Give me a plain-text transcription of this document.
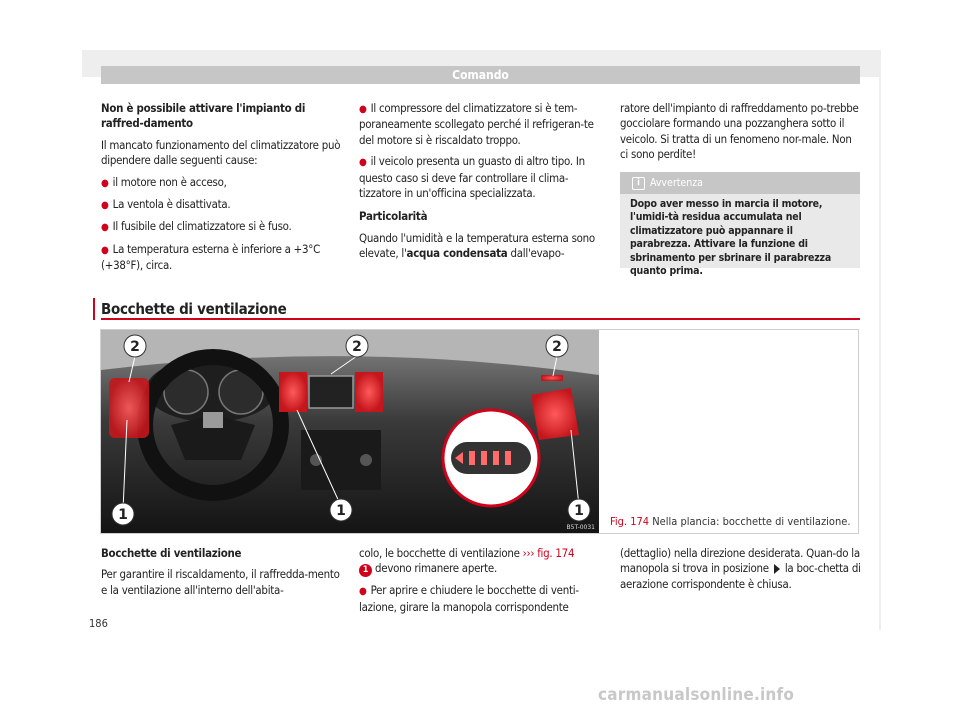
Comando

Non è possibile attivare l'impianto di raffred-damento

Il mancato funzionamento del climatizzatore può dipendere dalle seguenti cause:

● il motore non è acceso,
● La ventola è disattivata.
● Il fusibile del climatizzatore si è fuso.
● La temperatura esterna è inferiore a +3°C (+38°F), circa.
● Il compressore del climatizzatore si è tem-poraneamente scollegato perché il refrigeran-te del motore si è riscaldato troppo.
● il veicolo presenta un guasto di altro tipo. In questo caso si deve far controllare il clima-tizzatore in un'officina specializzata.

Particolarità

Quando l'umidità e la temperatura esterna sono elevate, l'acqua condensata dall'evapo-

ratore dell'impianto di raffreddamento po-trebbe gocciolare formando una pozzanghera sotto il veicolo. Si tratta di un fenomeno nor-male. Non ci sono perdite!

i Avvertenza
Dopo aver messo in marcia il motore, l'umidi-tà residua accumulata nel climatizzatore può appannare il parabrezza. Attivare la funzione di sbrinamento per sbrinare il parabrezza quanto prima.
Bocchette di ventilazione
2	2	2
1	1	1
B5T-0031 Fig. 174 Nella plancia: bocchette di ventilazione.

Bocchette di ventilazione

Per garantire il riscaldamento, il raffredda-mento e la ventilazione all'interno dell'abita-

colo, le bocchette di ventilazione ››› fig. 174
1 devono rimanere aperte.

● Per aprire e chiudere le bocchette di venti-lazione, girare la manopola corrispondente

(dettaglio) nella direzione desiderata. Quan-do la manopola si trova in posizione  la boc-chetta di aerazione corrispondente è chiusa.

186
carmanualsonline.info
